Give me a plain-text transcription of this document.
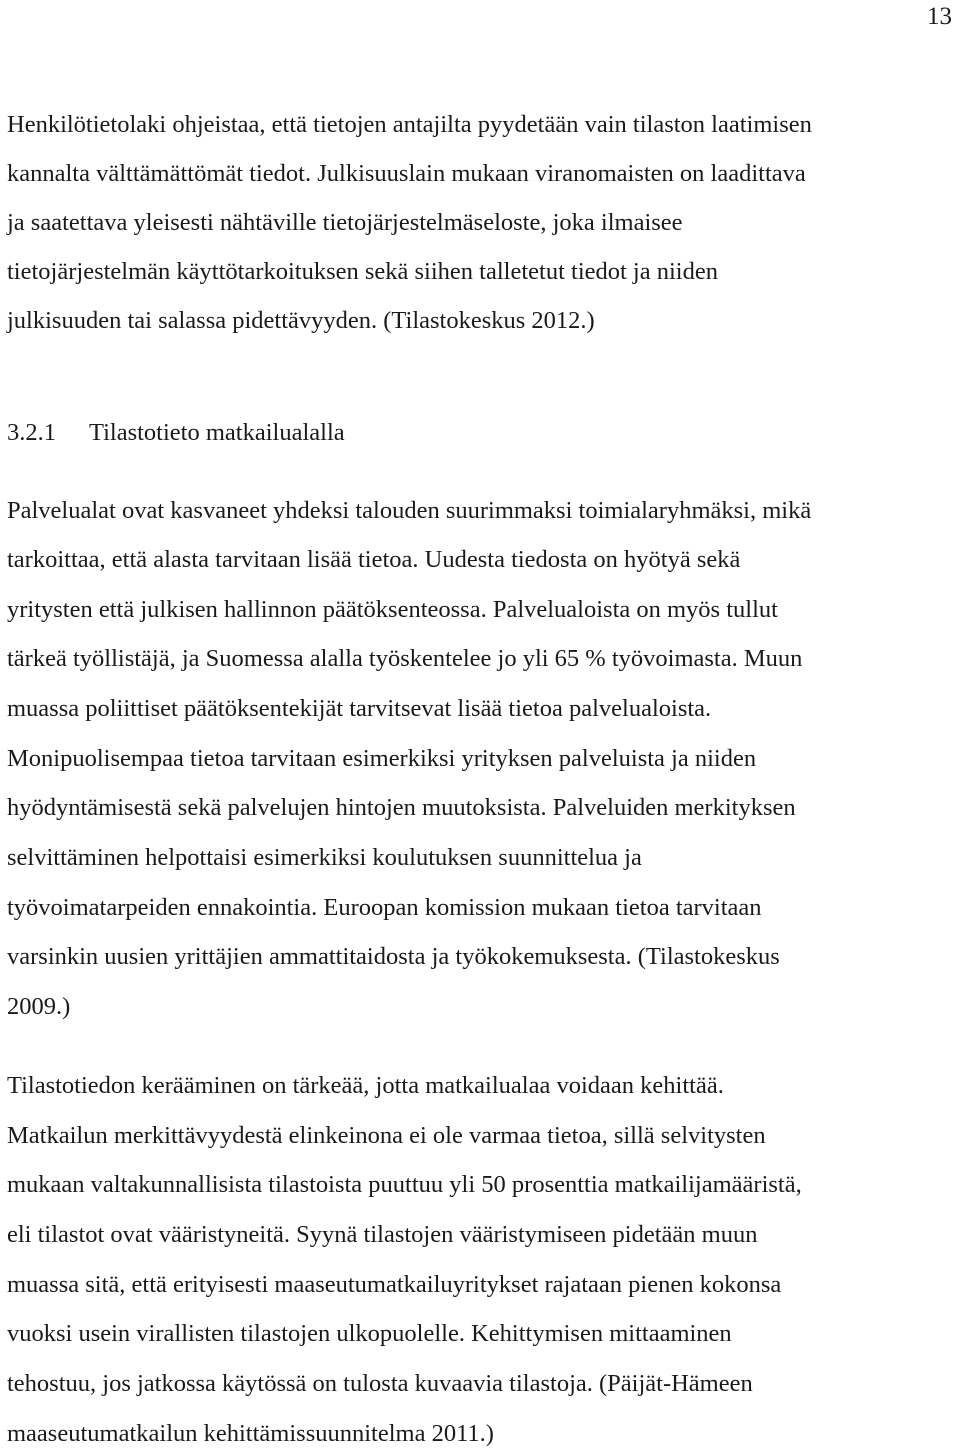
13
Henkilötietolaki ohjeistaa, että tietojen antajilta pyydetään vain tilaston laatimisen
kannalta välttämättömät tiedot. Julkisuuslain mukaan viranomaisten on laadittava
ja saatettava yleisesti nähtäville tietojärjestelmäseloste, joka ilmaisee
tietojärjestelmän käyttötarkoituksen sekä siihen talletetut tiedot ja niiden
julkisuuden tai salassa pidettävyyden. (Tilastokeskus 2012.)
3.2.1 Tilastotieto matkailualalla
Palvelualat ovat kasvaneet yhdeksi talouden suurimmaksi toimialaryhmäksi, mikä
tarkoittaa, että alasta tarvitaan lisää tietoa. Uudesta tiedosta on hyötyä sekä
yritysten että julkisen hallinnon päätöksenteossa. Palvelualoista on myös tullut
tärkeä työllistäjä, ja Suomessa alalla työskentelee jo yli 65 % työvoimasta. Muun
muassa poliittiset päätöksentekijät tarvitsevat lisää tietoa palvelualoista.
Monipuolisempaa tietoa tarvitaan esimerkiksi yrityksen palveluista ja niiden
hyödyntämisestä sekä palvelujen hintojen muutoksista. Palveluiden merkityksen
selvittäminen helpottaisi esimerkiksi koulutuksen suunnittelua ja
työvoimatarpeiden ennakointia. Euroopan komission mukaan tietoa tarvitaan
varsinkin uusien yrittäjien ammattitaidosta ja työkokemuksesta. (Tilastokeskus
2009.)
Tilastotiedon kerääminen on tärkeää, jotta matkailualaa voidaan kehittää.
Matkailun merkittävyydestä elinkeinona ei ole varmaa tietoa, sillä selvitysten
mukaan valtakunnallisista tilastoista puuttuu yli 50 prosenttia matkailijamääristä,
eli tilastot ovat vääristyneitä. Syynä tilastojen vääristymiseen pidetään muun
muassa sitä, että erityisesti maaseutumatkailuyritykset rajataan pienen kokonsa
vuoksi usein virallisten tilastojen ulkopuolelle. Kehittymisen mittaaminen
tehostuu, jos jatkossa käytössä on tulosta kuvaavia tilastoja. (Päijät-Hämeen
maaseutumatkailun kehittämissuunnitelma 2011.)
